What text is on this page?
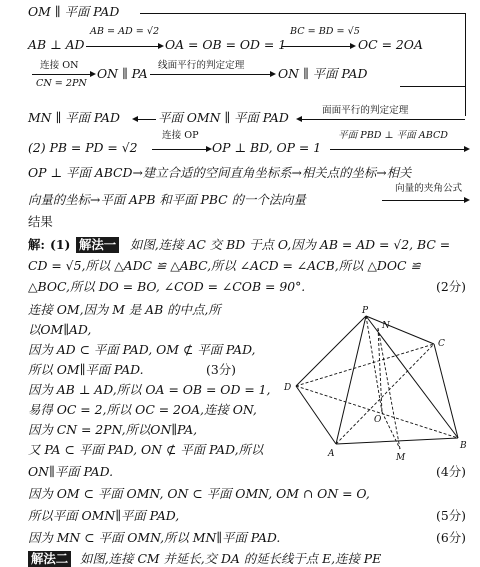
OM ∥ 平面 PAD
AB ⊥ AD
AB = AD = √2
OA = OB = OD = 1
BC = BD = √5
OC = 2OA
连接 ON
CN = 2PN
ON ∥ PA
线面平行的判定定理
ON ∥ 平面 PAD
MN ∥ 平面 PAD	平面 OMN ∥ 平面 PAD	面面平行的判定定理
(2) PB = PD = √2
连接 OP
OP ⊥ BD, OP = 1
平面 PBD ⊥ 平面 ABCD
OP ⊥ 平面 ABCD→建立合适的空间直角坐标系→相关点的坐标→相关
向量的坐标→平面 APB 和平面 PBC 的一个法向量
向量的夹角公式
结果
解: (1) 解法一 如图,连接 AC 交 BD 于点 O,因为 AB = AD = √2, BC =
CD = √5,所以 △ADC ≌ △ABC,所以 ∠ACD = ∠ACB,所以 △DOC ≌
△BOC,所以 DO = BO, ∠COD = ∠COB = 90°.	(2分)
连接 OM,因为 M 是 AB 的中点,所
以OM∥AD,
因为 AD ⊂ 平面 PAD, OM ⊄ 平面 PAD,
所以 OM∥平面 PAD.	(3分)
因为 AB ⊥ AD,所以 OA = OB = OD = 1,
易得 OC = 2,所以 OC = 2OA,连接 ON,
因为 CN = 2PN,所以ON∥PA,
又 PA ⊂ 平面 PAD, ON ⊄ 平面 PAD,所以
ON∥平面 PAD.	(4分)
因为 OM ⊂ 平面 OMN, ON ⊂ 平面 OMN, OM ∩ ON = O,
所以平面 OMN∥平面 PAD,	(5分)
因为 MN ⊂ 平面 OMN,所以 MN∥平面 PAD.	(6分)
解法二 如图,连接 CM 并延长,交 DA 的延长线于点 E,连接 PE
P
N
C
D
O
A	M
B
